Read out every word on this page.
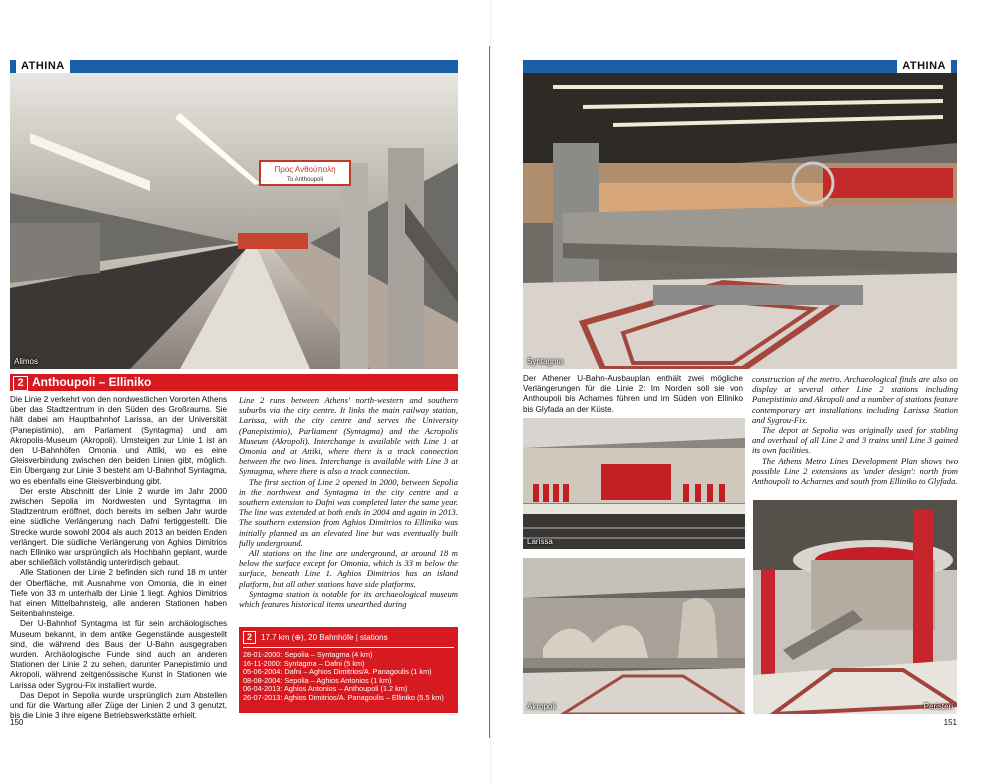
ATHINA
Προς Ανθούπολη
To Anthoupoli
Alimos
2 Anthoupoli – Elliniko

Die Linie 2 verkehrt von den nordwestlichen Vororten Athens über das Stadtzentrum in den Süden des Großraums. Sie hält dabei am Hauptbahnhof Larissa, an der Universität (Panepistimio), am Parlament (Syntagma) und am Akropolis-Museum (Akropoli). Umsteigen zur Linie 1 ist an den U-Bahnhöfen Omonia und Attiki, wo es eine Gleisverbindung zwischen den beiden Linien gibt, möglich. Ein Übergang zur Linie 3 besteht am U-Bahnhof Syntagma, wo es ebenfalls eine Gleisverbindung gibt.

Der erste Abschnitt der Linie 2 wurde im Jahr 2000 zwischen Sepolia im Nordwesten und Syntagma im Stadtzentrum eröffnet, doch bereits im selben Jahr wurde eine südliche Verlängerung nach Dafni fertiggestellt. Die Strecke wurde sowohl 2004 als auch 2013 an beiden Enden verlängert. Die südliche Verlängerung von Aghios Dimitrios nach Elliniko war ursprünglich als Hochbahn geplant, wurde aber schließlich vollständig unterirdisch gebaut.

Alle Stationen der Linie 2 befinden sich rund 18 m unter der Oberfläche, mit Ausnahme von Omonia, die in einer Tiefe von 33 m unterhalb der Linie 1 liegt. Aghios Dimitrios hat einen Mittelbahnsteig, alle anderen Stationen haben Seitenbahnsteige.

Der U-Bahnhof Syntagma ist für sein archäologisches Museum bekannt, in dem antike Gegenstände ausgestellt sind, die während des Baus der U-Bahn ausgegraben wurden. Archäologische Funde sind auch an anderen Stationen der Linie 2 zu sehen, darunter Panepistimio und Akropoli, während zeitgenössische Kunst in Stationen wie Larissa oder Sygrou-Fix installiert wurde.

Das Depot in Sepolia wurde ursprünglich zum Abstellen und für die Wartung aller Züge der Linien 2 und 3 genutzt, bis die Linie 3 ihre eigene Betriebswerkstätte erhielt.

Line 2 runs between Athens' north-western and southern suburbs via the city centre. It links the main railway station, Larissa, with the city centre and serves the University (Panepistimio), Parliament (Syntagma) and the Acropolis Museum (Akropoli). Interchange is available with Line 1 at Omonia and at Attiki, where there is a track connection between the two lines. Interchange is available with Line 3 at Syntagma, where there is also a track connection.

The first section of Line 2 opened in 2000, between Sepolia in the northwest and Syntagma in the city centre and a southern extension to Dafni was completed later the same year. The line was extended at both ends in 2004 and again in 2013. The southern extension from Aghios Dimitrios to Elliniko was initially planned as an elevated line but was eventually built fully underground.

All stations on the line are underground, at around 18 m below the surface except for Omonia, which is 33 m below the surface, beneath Line 1. Aghios Dimitrios has an island platform, but all other stations have side platforms.

Syntagma station is notable for its archaeological museum which features historical items unearthed during

2 17.7 km (⊕), 20 Bahnhöfe | stations
28-01-2000: Sepolia – Syntagma (4 km)
16-11-2000: Syntagma – Dafni (5 km)
05-06-2004: Dafni – Aghios Dimitrios/A. Panagoulis (1 km)
08-08-2004: Sepolia – Aghios Antonios (1 km)
06-04-2013: Aghios Antonios – Anthoupoli (1.2 km)
26-07-2013: Aghios Dimitrios/A. Panagoulis – Elliniko (5.5 km)
150
ATHINA
Syntagma

Der Athener U-Bahn-Ausbauplan enthält zwei mögliche Verlängerungen für die Linie 2: Im Norden soll sie von Anthoupoli bis Acharnes führen und im Süden von Elliniko bis Glyfada an der Küste.

construction of the metro. Archaeological finds are also on display at several other Line 2 stations including Panepistimio and Akropoli and a number of stations feature contemporary art installations including Larissa Station and Sygrou-Fix.

The depot at Sepolia was originally used for stabling and overhaul of all Line 2 and 3 trains until Line 3 gained its own facilities.

The Athens Metro Lines Development Plan shows two possible Line 2 extensions as 'under design': north from Anthoupoli to Acharnes and south from Elliniko to Glyfada.

Larissa
Akropoli	Peristeri
151
